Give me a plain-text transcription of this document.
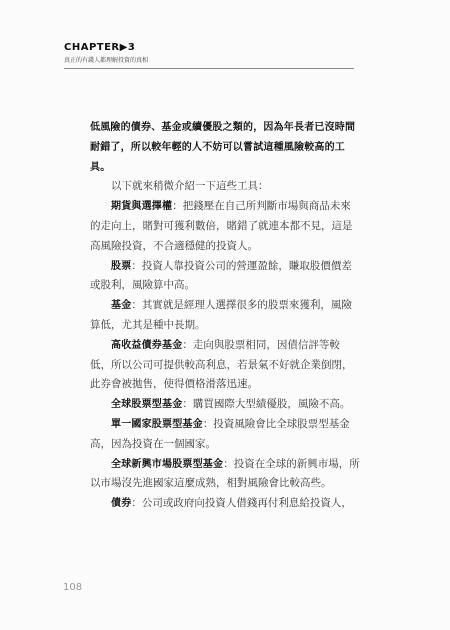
CHAPTER▶3
真正的有錢人都理解投資的真相

低風險的債券、基金或續優股之類的，因為年長者已沒時間耐錯了，所以較年輕的人不妨可以嘗試這種風險較高的工具。

以下就來稍微介紹一下這些工具：

期貨與選擇權：把錢壓在自己所判斷市場與商品未來的走向上，賭對可獲利數倍，賭錯了就連本都不見，這是高風險投資，不合適穩健的投資人。

股票：投資人靠投資公司的營運盈餘，賺取股價價差或股利，風險算中高。

基金：其實就是經理人選擇很多的股票來獲利，風險算低，尤其是種中長期。

高收益債券基金：走向與股票相同，因債信評等較低，所以公司可提供較高利息，若景氣不好就企業倒閉，此券會被拋售，使得價格滑落迅速。

全球股票型基金：購買國際大型績優股，風險不高。

單一國家股票型基金：投資風險會比全球股票型基金高，因為投資在一個國家。

全球新興市場股票型基金：投資在全球的新興市場，所以市場沒先進國家這麼成熟，相對風險會比較高些。

債券：公司或政府向投資人借錢再付利息給投資人，

108
